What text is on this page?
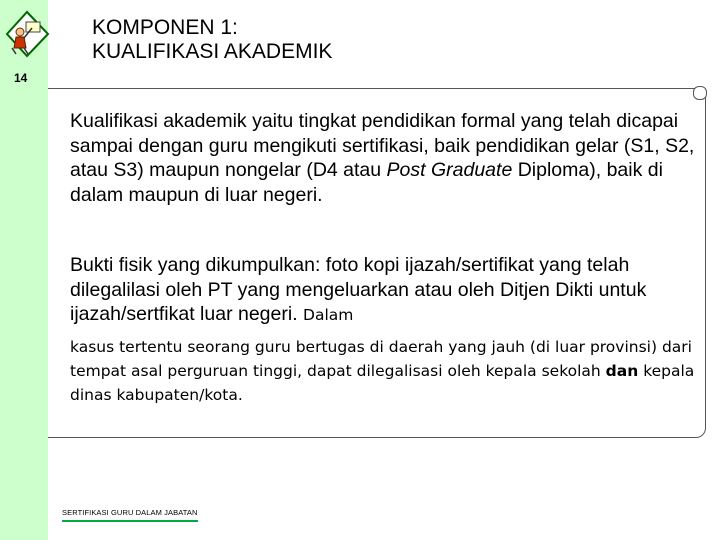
14
KOMPONEN 1:
KUALIFIKASI AKADEMIK

Kualifikasi akademik yaitu tingkat pendidikan formal yang telah dicapai sampai dengan guru mengikuti sertifikasi, baik pendidikan gelar (S1, S2, atau S3) maupun nongelar (D4 atau Post Graduate Diploma), baik di dalam maupun di luar negeri.

Bukti fisik yang dikumpulkan: foto kopi ijazah/sertifikat yang telah dilegalilasi oleh PT yang mengeluarkan atau oleh Ditjen Dikti untuk ijazah/sertfikat luar negeri. Dalam

kasus tertentu seorang guru bertugas di daerah yang jauh (di luar provinsi) dari tempat asal perguruan tinggi, dapat dilegalisasi oleh kepala sekolah dan kepala dinas kabupaten/kota.

SERTIFIKASI GURU DALAM JABATAN
